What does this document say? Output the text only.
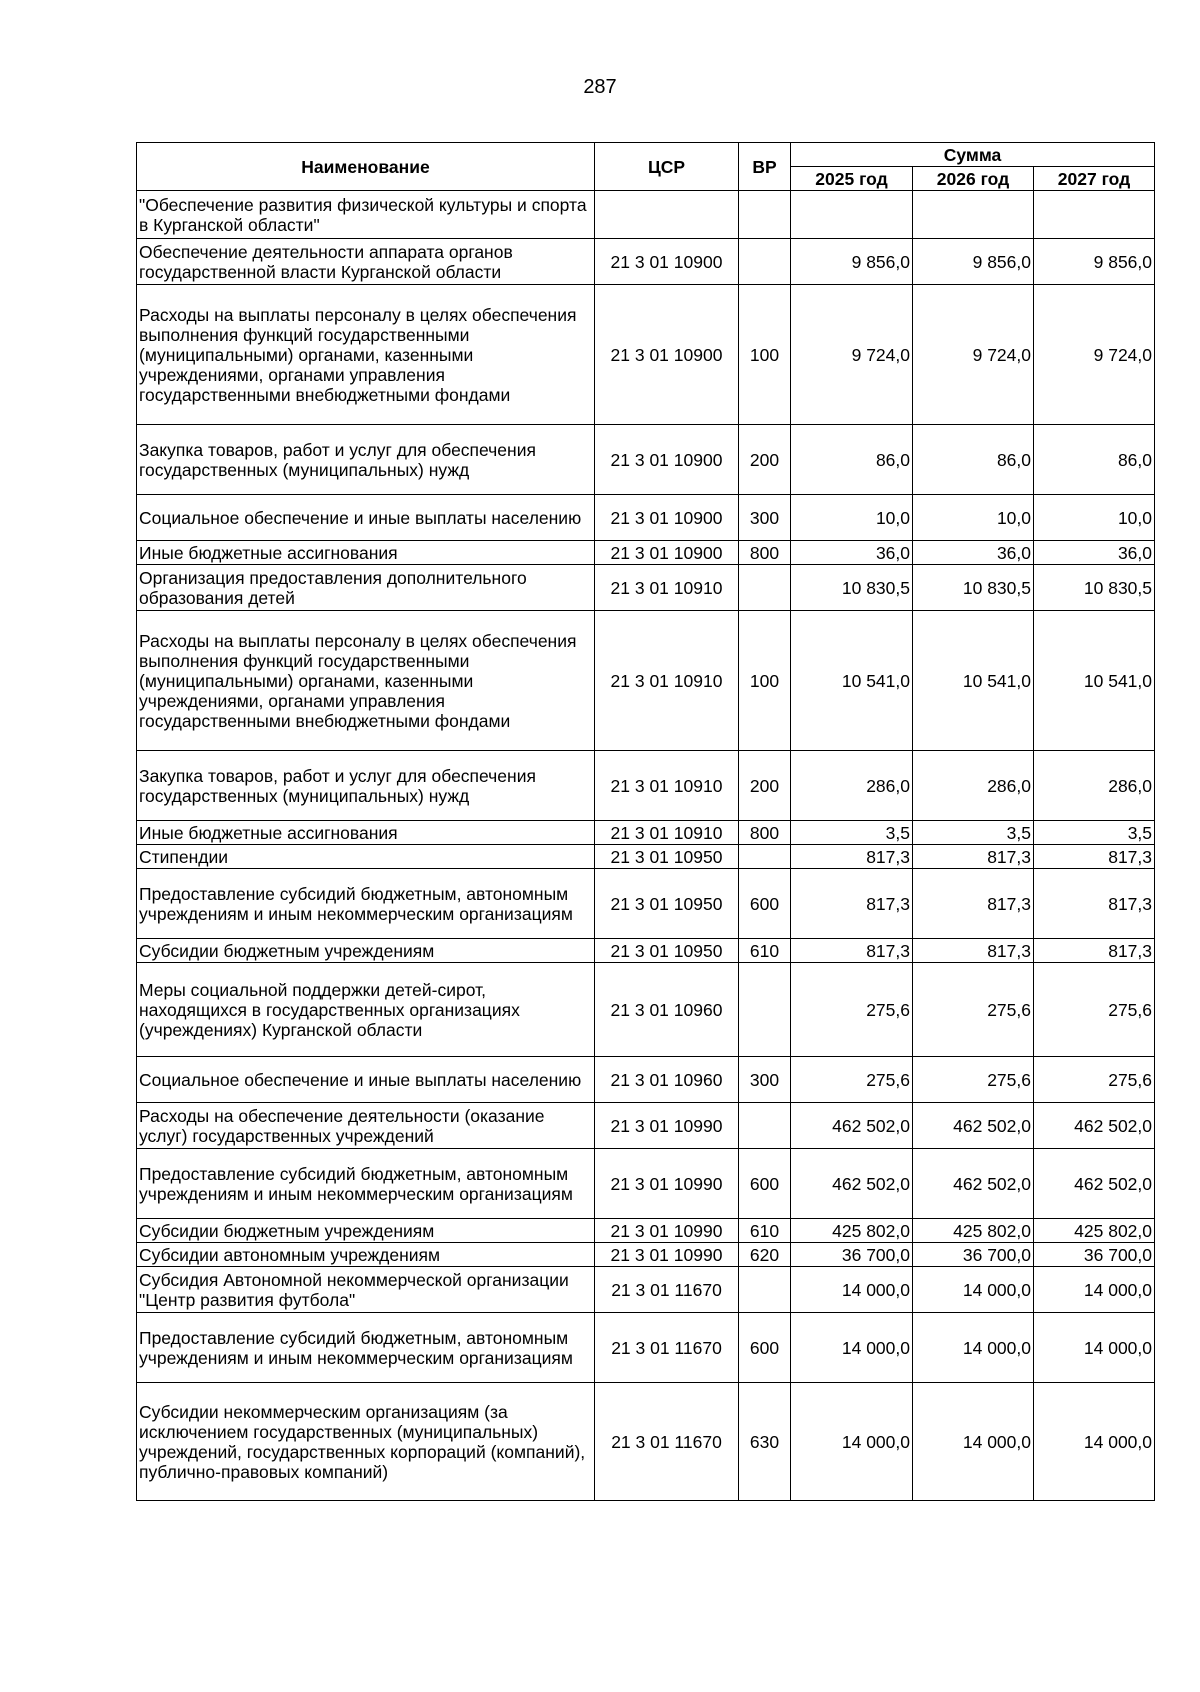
287
Наименование	ЦСР	ВР	Сумма		
			2025 год	2026 год	2027 год
"Обеспечение развития физической культуры и спорта в Курганской области"					
Обеспечение деятельности аппарата органов государственной власти Курганской области	21 3 01 10900		9 856,0	9 856,0	9 856,0
Расходы на выплаты персоналу в целях обеспечения выполнения функций государственными (муниципальными) органами, казенными учреждениями, органами управления государственными внебюджетными фондами	21 3 01 10900	100	9 724,0	9 724,0	9 724,0
Закупка товаров, работ и услуг для обеспечения государственных (муниципальных) нужд	21 3 01 10900	200	86,0	86,0	86,0
Социальное обеспечение и иные выплаты населению	21 3 01 10900	300	10,0	10,0	10,0
Иные бюджетные ассигнования	21 3 01 10900	800	36,0	36,0	36,0
Организация предоставления дополнительного образования детей	21 3 01 10910		10 830,5	10 830,5	10 830,5
Расходы на выплаты персоналу в целях обеспечения выполнения функций государственными (муниципальными) органами, казенными учреждениями, органами управления государственными внебюджетными фондами	21 3 01 10910	100	10 541,0	10 541,0	10 541,0
Закупка товаров, работ и услуг для обеспечения государственных (муниципальных) нужд	21 3 01 10910	200	286,0	286,0	286,0
Иные бюджетные ассигнования	21 3 01 10910	800	3,5	3,5	3,5
Стипендии	21 3 01 10950		817,3	817,3	817,3
Предоставление субсидий бюджетным, автономным учреждениям и иным некоммерческим организациям	21 3 01 10950	600	817,3	817,3	817,3
Субсидии бюджетным учреждениям	21 3 01 10950	610	817,3	817,3	817,3
Меры социальной поддержки детей-сирот, находящихся в государственных организациях (учреждениях) Курганской области	21 3 01 10960		275,6	275,6	275,6
Социальное обеспечение и иные выплаты населению	21 3 01 10960	300	275,6	275,6	275,6
Расходы на обеспечение деятельности (оказание услуг) государственных учреждений	21 3 01 10990		462 502,0	462 502,0	462 502,0
Предоставление субсидий бюджетным, автономным учреждениям и иным некоммерческим организациям	21 3 01 10990	600	462 502,0	462 502,0	462 502,0
Субсидии бюджетным учреждениям	21 3 01 10990	610	425 802,0	425 802,0	425 802,0
Субсидии автономным учреждениям	21 3 01 10990	620	36 700,0	36 700,0	36 700,0
Субсидия Автономной некоммерческой организации "Центр развития футбола"	21 3 01 11670		14 000,0	14 000,0	14 000,0
Предоставление субсидий бюджетным, автономным учреждениям и иным некоммерческим организациям	21 3 01 11670	600	14 000,0	14 000,0	14 000,0
Субсидии некоммерческим организациям (за исключением государственных (муниципальных) учреждений, государственных корпораций (компаний), публично-правовых компаний)	21 3 01 11670	630	14 000,0	14 000,0	14 000,0
